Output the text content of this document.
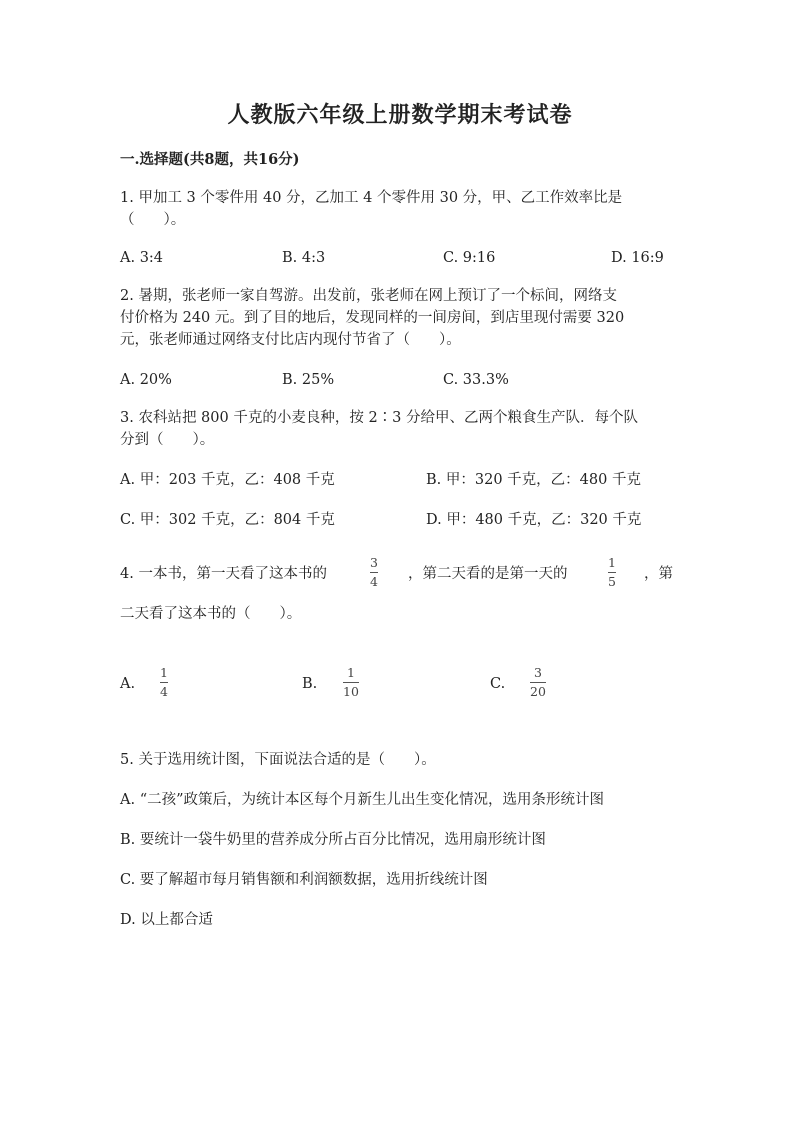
人教版六年级上册数学期末考试卷
一.选择题(共8题，共16分)
1. 甲加工 3 个零件用 40 分，乙加工 4 个零件用 30 分，甲、乙工作效率比是
（　　）。
A. 3:4	B. 4:3	C. 9:16	D. 16:9
2. 暑期，张老师一家自驾游。出发前，张老师在网上预订了一个标间，网络支
付价格为 240 元。到了目的地后，发现同样的一间房间，到店里现付需要 320
元，张老师通过网络支付比店内现付节省了（　　）。
A. 20%	B. 25%	C. 33.3%
3. 农科站把 800 千克的小麦良种，按 2∶3 分给甲、乙两个粮食生产队．每个队
分到（　　）。
A. 甲：203 千克，乙：408 千克	B. 甲：320 千克，乙：480 千克
C. 甲：302 千克，乙：804 千克	D. 甲：480 千克，乙：320 千克
4. 一本书，第一天看了这本书的
3
4 ，第二天看的是第一天的
1
5 ，第
二天看了这本书的（　　）。
A.
1
4	B.
1
10	C.
3
20
5. 关于选用统计图，下面说法合适的是（　　）。
A. “二孩”政策后，为统计本区每个月新生儿出生变化情况，选用条形统计图
B. 要统计一袋牛奶里的营养成分所占百分比情况，选用扇形统计图
C. 要了解超市每月销售额和利润额数据，选用折线统计图
D. 以上都合适
